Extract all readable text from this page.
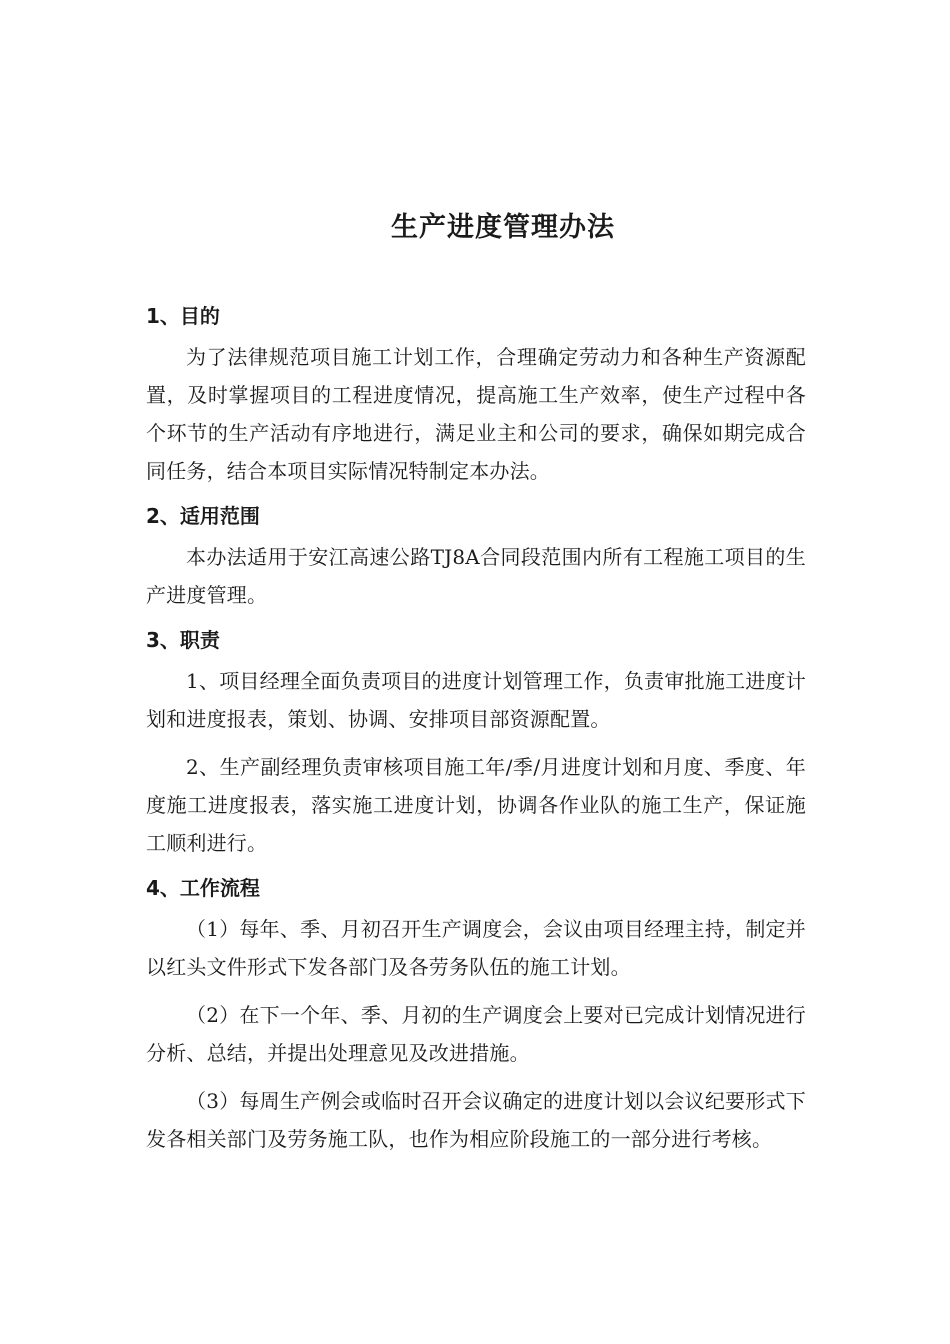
生产进度管理办法
1、目的

为了法律规范项目施工计划工作，合理确定劳动力和各种生产资源配置，及时掌握项目的工程进度情况，提高施工生产效率，使生产过程中各个环节的生产活动有序地进行，满足业主和公司的要求，确保如期完成合同任务，结合本项目实际情况特制定本办法。

2、适用范围

本办法适用于安江高速公路TJ8A合同段范围内所有工程施工项目的生产进度管理。

3、职责

1、项目经理全面负责项目的进度计划管理工作，负责审批施工进度计划和进度报表，策划、协调、安排项目部资源配置。

2、生产副经理负责审核项目施工年/季/月进度计划和月度、季度、年度施工进度报表，落实施工进度计划，协调各作业队的施工生产，保证施工顺利进行。

4、工作流程

（1）每年、季、月初召开生产调度会，会议由项目经理主持，制定并以红头文件形式下发各部门及各劳务队伍的施工计划。

（2）在下一个年、季、月初的生产调度会上要对已完成计划情况进行分析、总结，并提出处理意见及改进措施。

（3）每周生产例会或临时召开会议确定的进度计划以会议纪要形式下发各相关部门及劳务施工队，也作为相应阶段施工的一部分进行考核。
